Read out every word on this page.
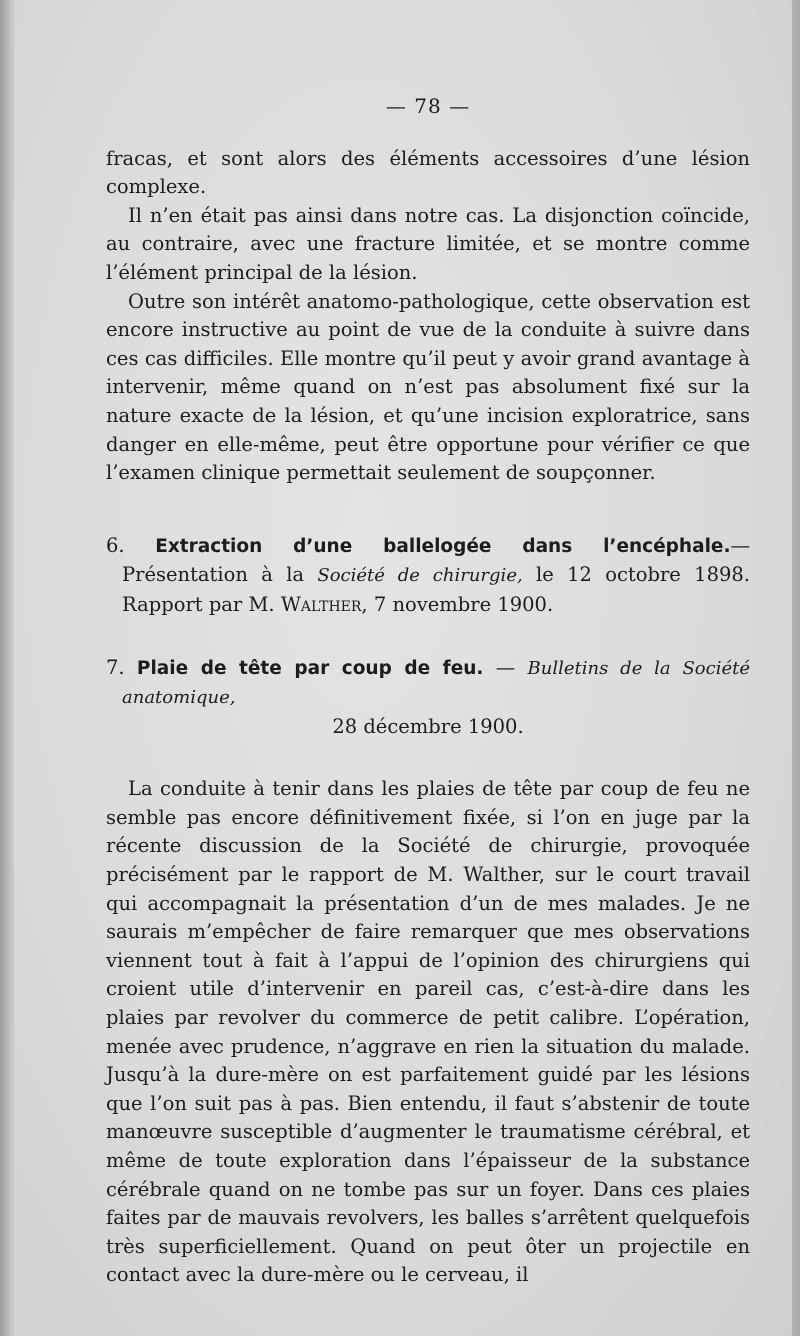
— 78 —

fracas, et sont alors des éléments accessoires d’une lésion complexe.

Il n’en était pas ainsi dans notre cas. La disjonction coïncide, au contraire, avec une fracture limitée, et se montre comme l’élément principal de la lésion.

Outre son intérêt anatomo-pathologique, cette observation est encore instructive au point de vue de la conduite à suivre dans ces cas difficiles. Elle montre qu’il peut y avoir grand avantage à intervenir, même quand on n’est pas absolument fixé sur la nature exacte de la lésion, et qu’une incision exploratrice, sans danger en elle-même, peut être opportune pour vérifier ce que l’examen clinique permettait seulement de soupçonner.

6. Extraction d’une ballelogée dans l’encéphale.— Présentation à la Société de chirurgie, le 12 octobre 1898. Rapport par M. Walther, 7 novembre 1900.

7. Plaie de tête par coup de feu. — Bulletins de la Société anatomique,

28 décembre 1900.

La conduite à tenir dans les plaies de tête par coup de feu ne semble pas encore définitivement fixée, si l’on en juge par la récente discussion de la Société de chirurgie, provoquée précisément par le rapport de M. Walther, sur le court travail qui accompagnait la présentation d’un de mes malades. Je ne saurais m’empêcher de faire remarquer que mes observations viennent tout à fait à l’appui de l’opinion des chirurgiens qui croient utile d’intervenir en pareil cas, c’est-à-dire dans les plaies par revolver du commerce de petit calibre. L’opération, menée avec prudence, n’aggrave en rien la situation du malade. Jusqu’à la dure-mère on est parfaitement guidé par les lésions que l’on suit pas à pas. Bien entendu, il faut s’abstenir de toute manœuvre susceptible d’augmenter le traumatisme cérébral, et même de toute exploration dans l’épaisseur de la substance cérébrale quand on ne tombe pas sur un foyer. Dans ces plaies faites par de mauvais revolvers, les balles s’arrêtent quelquefois très superficiellement. Quand on peut ôter un projectile en contact avec la dure-mère ou le cerveau, il
